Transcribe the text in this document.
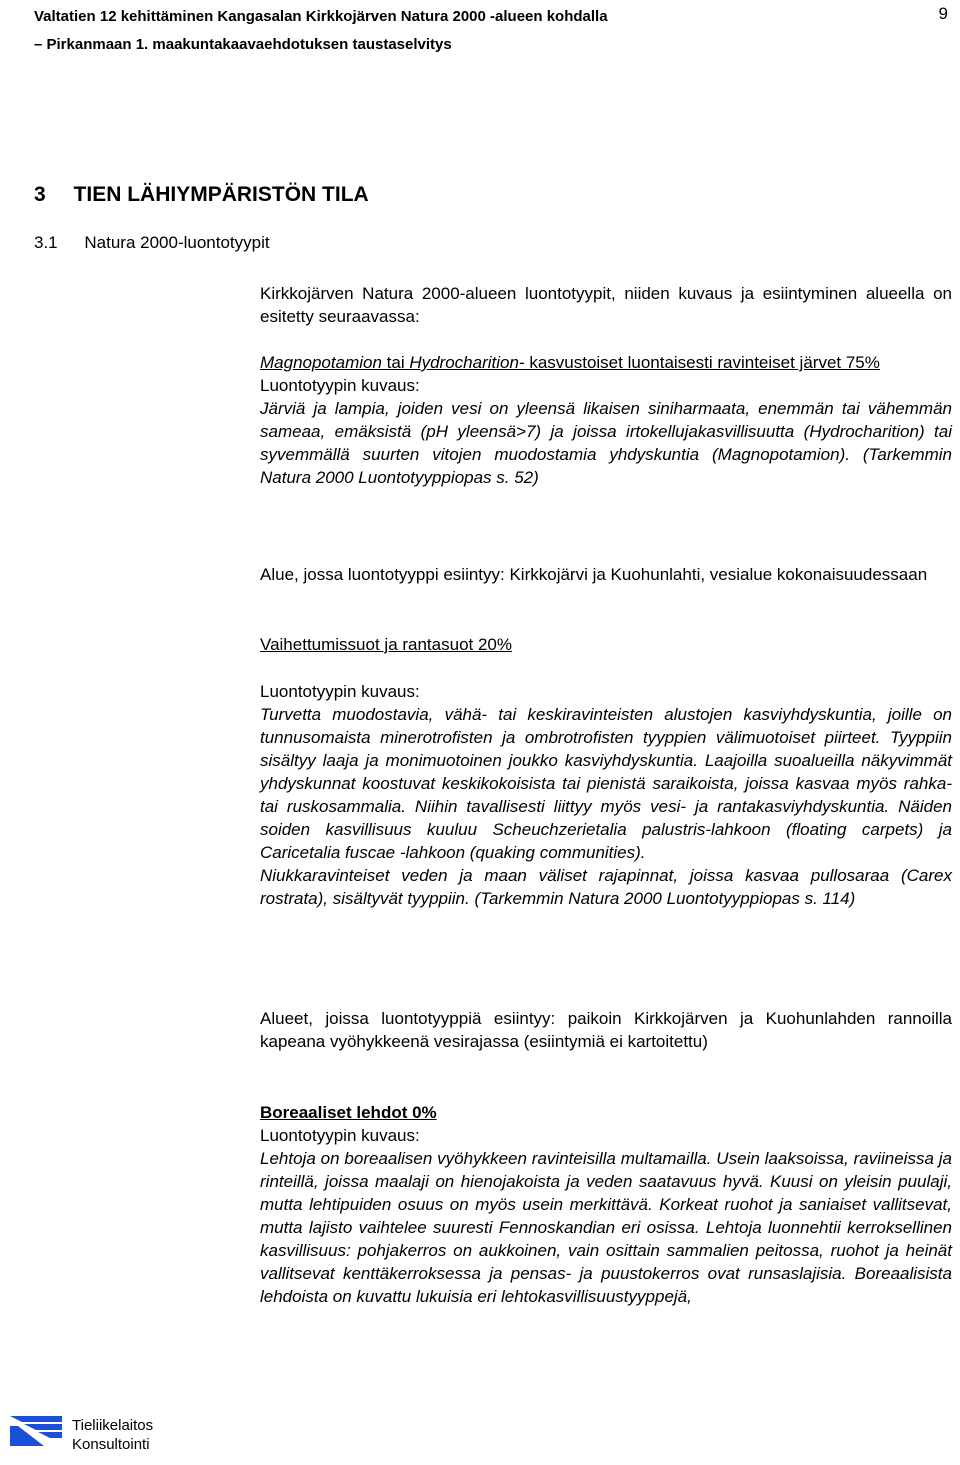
Valtatien 12 kehittäminen Kangasalan Kirkkojärven Natura 2000 -alueen kohdalla
– Pirkanmaan 1. maakuntakaavaehdotuksen taustaselvitys
9
3 TIEN LÄHIYMPÄRISTÖN TILA
3.1 Natura 2000-luontotyypit

Kirkkojärven Natura 2000-alueen luontotyypit, niiden kuvaus ja esiintyminen alueella on esitetty seuraavassa:

Magnopotamion tai Hydrocharition- kasvustoiset luontaisesti ravinteiset järvet 75%

Luontotyypin kuvaus:

Järviä ja lampia, joiden vesi on yleensä likaisen siniharmaata, enemmän tai vähemmän sameaa, emäksistä (pH yleensä>7) ja joissa irtokellujakasvillisuutta (Hydrocharition) tai syvemmällä suurten vitojen muodostamia yhdyskuntia (Magnopotamion). (Tarkemmin Natura 2000 Luontotyyppiopas s. 52)

Alue, jossa luontotyyppi esiintyy: Kirkkojärvi ja Kuohunlahti, vesialue kokonaisuudessaan

Vaihettumissuot ja rantasuot 20%

Luontotyypin kuvaus:

Turvetta muodostavia, vähä- tai keskiravinteisten alustojen kasviyhdyskuntia, joille on tunnusomaista minerotrofisten ja ombrotrofisten tyyppien välimuotoiset piirteet. Tyyppiin sisältyy laaja ja monimuotoinen joukko kasviyhdyskuntia. Laajoilla suoalueilla näkyvimmät yhdyskunnat koostuvat keskikokoisista tai pienistä saraikoista, joissa kasvaa myös rahka- tai ruskosammalia. Niihin tavallisesti liittyy myös vesi- ja rantakasviyhdyskuntia. Näiden soiden kasvillisuus kuuluu Scheuchzerietalia palustris-lahkoon (floating carpets) ja Caricetalia fuscae -lahkoon (quaking communities).

Niukkaravinteiset veden ja maan väliset rajapinnat, joissa kasvaa pullosaraa (Carex rostrata), sisältyvät tyyppiin. (Tarkemmin Natura 2000 Luontotyyppiopas s. 114)

Alueet, joissa luontotyyppiä esiintyy: paikoin Kirkkojärven ja Kuohunlahden rannoilla kapeana vyöhykkeenä vesirajassa (esiintymiä ei kartoitettu)

Boreaaliset lehdot 0%

Luontotyypin kuvaus:

Lehtoja on boreaalisen vyöhykkeen ravinteisilla multamailla. Usein laaksoissa, raviineissa ja rinteillä, joissa maalaji on hienojakoista ja veden saatavuus hyvä. Kuusi on yleisin puulaji, mutta lehtipuiden osuus on myös usein merkittävä. Korkeat ruohot ja saniaiset vallitsevat, mutta lajisto vaihtelee suuresti Fennoskandian eri osissa. Lehtoja luonnehtii kerroksellinen kasvillisuus: pohjakerros on aukkoinen, vain osittain sammalien peitossa, ruohot ja heinät vallitsevat kenttäkerroksessa ja pensas- ja puustokerros ovat runsaslajisia. Boreaalisista lehdoista on kuvattu lukuisia eri lehtokasvillisuustyyppejä,

Tieliikelaitos
Konsultointi
